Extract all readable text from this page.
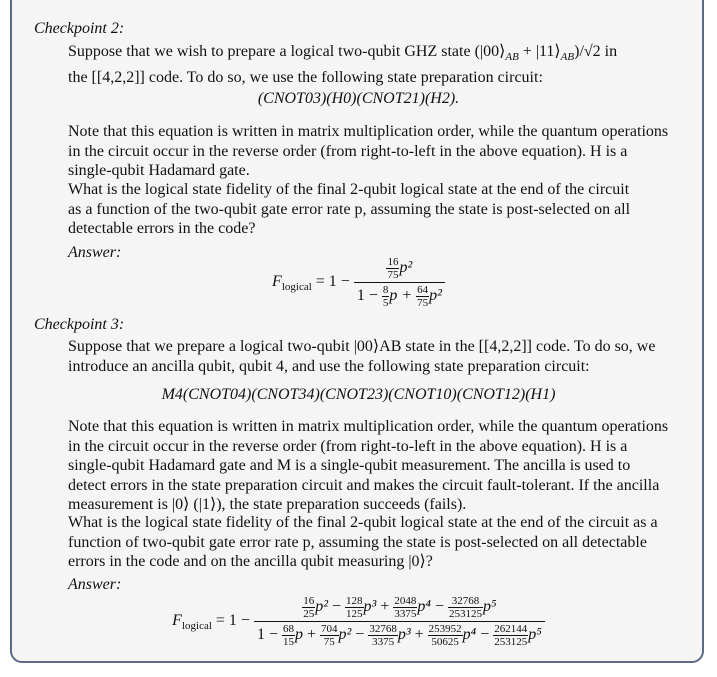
Checkpoint 2:
Suppose that we wish to prepare a logical two-qubit GHZ state ($|00⟩_{AB}$ + $|11⟩_{AB})/√2$ in
the [[4,2,2]] code. To do so, we use the following state preparation circuit:
(CNOT03)(H0)(CNOT21)(H2).
Note that this equation is written in matrix multiplication order, while the quantum operations
in the circuit occur in the reverse order (from right-to-left in the above equation). H is a
single-qubit Hadamard gate.
What is the logical state fidelity of the final 2-qubit logical state at the end of the circuit
as a function of the two-qubit gate error rate p, assuming the state is post-selected on all
detectable errors in the code?
Answer:
$F_{logical} = 1 - \frac{\frac{16}{75} p^2}{1 - \frac{8}{5} p + \frac{64}{75} p^2}$
Checkpoint 3:
Suppose that we prepare a logical two-qubit |00⟩AB state in the [[4,2,2]] code. To do so, we
introduce an ancilla qubit, qubit 4, and use the following state preparation circuit:
M4(CNOT04)(CNOT34)(CNOT23)(CNOT10)(CNOT12)(H1)
Note that this equation is written in matrix multiplication order, while the quantum operations
in the circuit occur in the reverse order (from right-to-left in the above equation). H is a
single-qubit Hadamard gate and M is a single-qubit measurement. The ancilla is used to
detect errors in the state preparation circuit and makes the circuit fault-tolerant. If the ancilla
measurement is |0⟩ (|1⟩), the state preparation succeeds (fails).
What is the logical state fidelity of the final 2-qubit logical state at the end of the circuit as a
function of two-qubit gate error rate p, assuming the state is post-selected on all detectable
errors in the code and on the ancilla qubit measuring |0⟩?
Answer:
$F_{logical} = 1$ −
$\frac{16}{25} p^2 - \frac{128}{125} p^3 + \frac{2048}{3375} p^4 - \frac{32768}{253125} p^5$
$1 - \frac{68}{15}$ $p + \frac{704}{75} p^2 - \frac{32768}{3375} p^3 + \frac{253952}{50625} p^4 - \frac{262144}{253125} p^5$
